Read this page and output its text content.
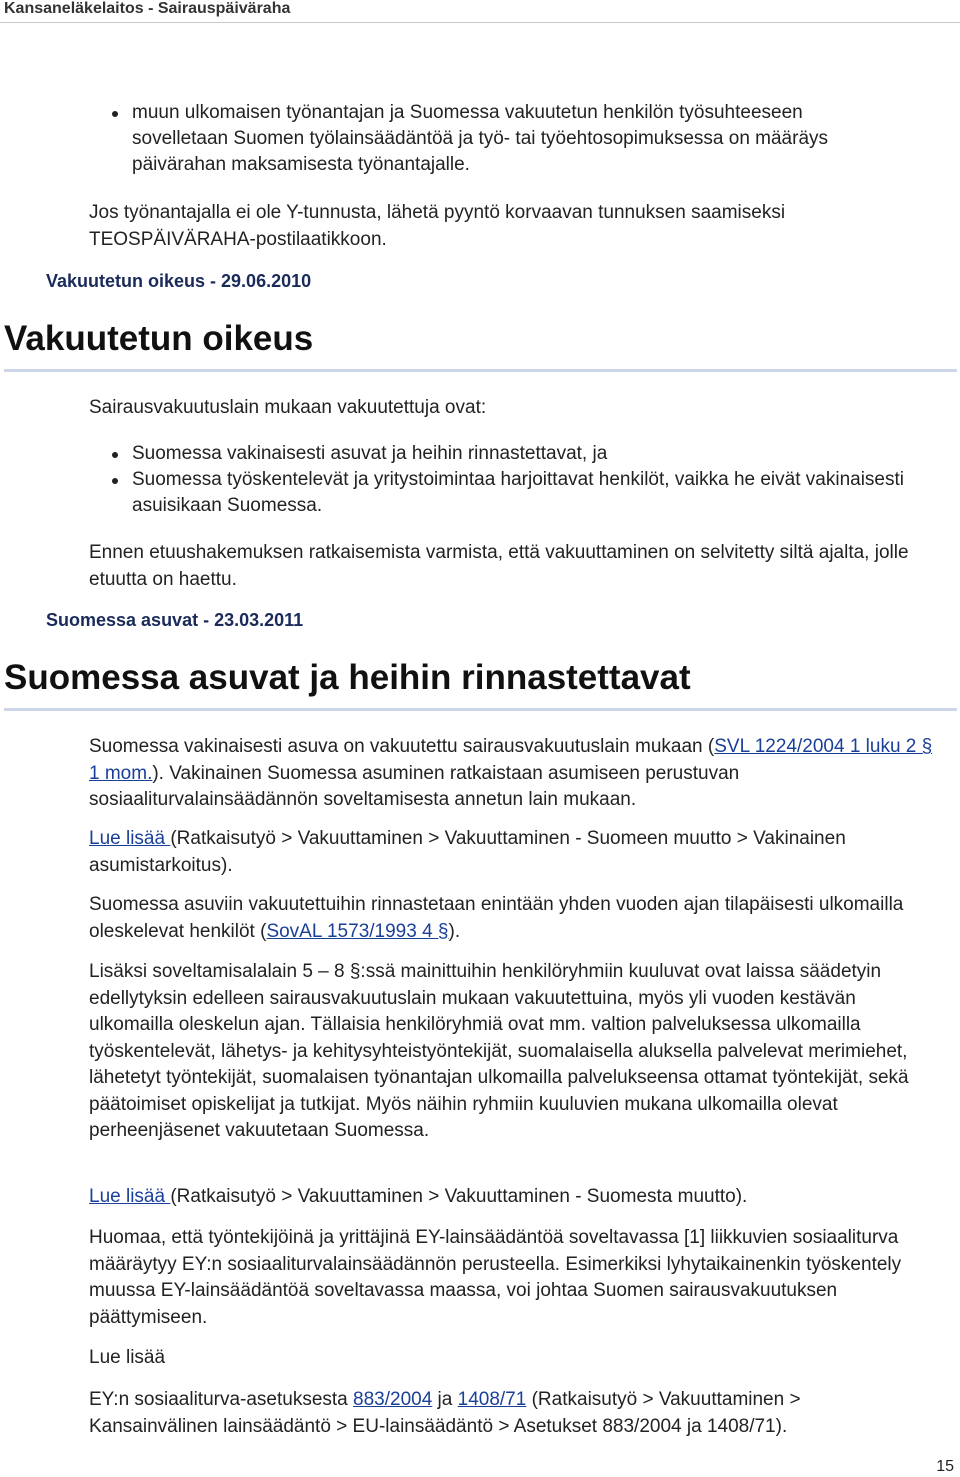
Kansaneläkelaitos - Sairauspäiväraha
muun ulkomaisen työnantajan ja Suomessa vakuutetun henkilön työsuhteeseen sovelletaan Suomen työlainsäädäntöä ja työ- tai työehtosopimuksessa on määräys päivärahan maksamisesta työnantajalle.

Jos työnantajalla ei ole Y-tunnusta, lähetä pyyntö korvaavan tunnuksen saamiseksi TEOSPÄIVÄRAHA-postilaatikkoon.

Vakuutetun oikeus - 29.06.2010
Vakuutetun oikeus

Sairausvakuutuslain mukaan vakuutettuja ovat:

Suomessa vakinaisesti asuvat ja heihin rinnastettavat, ja
Suomessa työskentelevät ja yritystoimintaa harjoittavat henkilöt, vaikka he eivät vakinaisesti asuisikaan Suomessa.

Ennen etuushakemuksen ratkaisemista varmista, että vakuuttaminen on selvitetty siltä ajalta, jolle etuutta on haettu.

Suomessa asuvat - 23.03.2011
Suomessa asuvat ja heihin rinnastettavat

Suomessa vakinaisesti asuva on vakuutettu sairausvakuutuslain mukaan (SVL 1224/2004 1 luku 2 § 1 mom.). Vakinainen Suomessa asuminen ratkaistaan asumiseen perustuvan sosiaaliturvalainsäädännön soveltamisesta annetun lain mukaan.

Lue lisää (Ratkaisutyö > Vakuuttaminen > Vakuuttaminen - Suomeen muutto > Vakinainen asumistarkoitus).

Suomessa asuviin vakuutettuihin rinnastetaan enintään yhden vuoden ajan tilapäisesti ulkomailla oleskelevat henkilöt (SovAL 1573/1993 4 §).

Lisäksi soveltamisalalain 5 – 8 §:ssä mainittuihin henkilöryhmiin kuuluvat ovat laissa säädetyin edellytyksin edelleen sairausvakuutuslain mukaan vakuutettuina, myös yli vuoden kestävän ulkomailla oleskelun ajan. Tällaisia henkilöryhmiä ovat mm. valtion palveluksessa ulkomailla työskentelevät, lähetys- ja kehitysyhteistyöntekijät, suomalaisella aluksella palvelevat merimiehet, lähetetyt työntekijät, suomalaisen työnantajan ulkomailla palvelukseensa ottamat työntekijät, sekä päätoimiset opiskelijat ja tutkijat. Myös näihin ryhmiin kuuluvien mukana ulkomailla olevat perheenjäsenet vakuutetaan Suomessa.

Lue lisää (Ratkaisutyö > Vakuuttaminen > Vakuuttaminen - Suomesta muutto).

Huomaa, että työntekijöinä ja yrittäjinä EY-lainsäädäntöä soveltavassa [1] liikkuvien sosiaaliturva määräytyy EY:n sosiaaliturvalainsäädännön perusteella. Esimerkiksi lyhytaikainenkin työskentely muussa EY-lainsäädäntöä soveltavassa maassa, voi johtaa Suomen sairausvakuutuksen päättymiseen.

Lue lisää

EY:n sosiaaliturva-asetuksesta 883/2004 ja 1408/71 (Ratkaisutyö > Vakuuttaminen > Kansainvälinen lainsäädäntö > EU-lainsäädäntö > Asetukset 883/2004 ja 1408/71).

15
